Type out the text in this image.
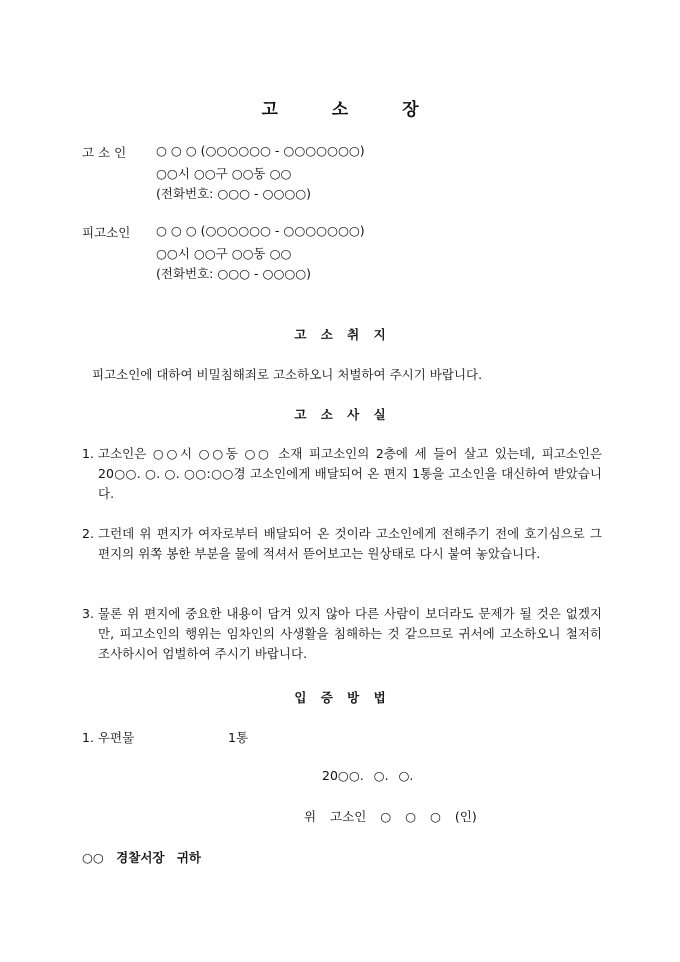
고 소 장
고 소 인	○ ○ ○ (○○○○○○ - ○○○○○○○)
○○시 ○○구 ○○동 ○○
(전화번호: ○○○ - ○○○○)
피고소인	○ ○ ○ (○○○○○○ - ○○○○○○○)
○○시 ○○구 ○○동 ○○
(전화번호: ○○○ - ○○○○)
고 소 취 지
피고소인에 대하여 비밀침해죄로 고소하오니 처벌하여 주시기 바랍니다.
고 소 사 실
1. 고소인은 ○○시 ○○동 ○○ 소재 피고소인의 2층에 세 들어 살고 있는데, 피고소인은 20○○. ○. ○. ○○:○○경 고소인에게 배달되어 온 편지 1통을 고소인을 대신하여 받았습니다.
2. 그런데 위 편지가 여자로부터 배달되어 온 것이라 고소인에게 전해주기 전에 호기심으로 그 편지의 위쪽 봉한 부분을 물에 적셔서 뜯어보고는 원상태로 다시 붙여 놓았습니다.
3. 물론 위 편지에 중요한 내용이 담겨 있지 않아 다른 사람이 보더라도 문제가 될 것은 없겠지만, 피고소인의 행위는 임차인의 사생활을 침해하는 것 같으므로 귀서에 고소하오니 철저히 조사하시어 엄벌하여 주시기 바랍니다.
입 증 방 법
1. 우편물	1통
20○○. ○. ○.
위 고소인 ○ ○ ○ (인)
○○ 경찰서장 귀하
